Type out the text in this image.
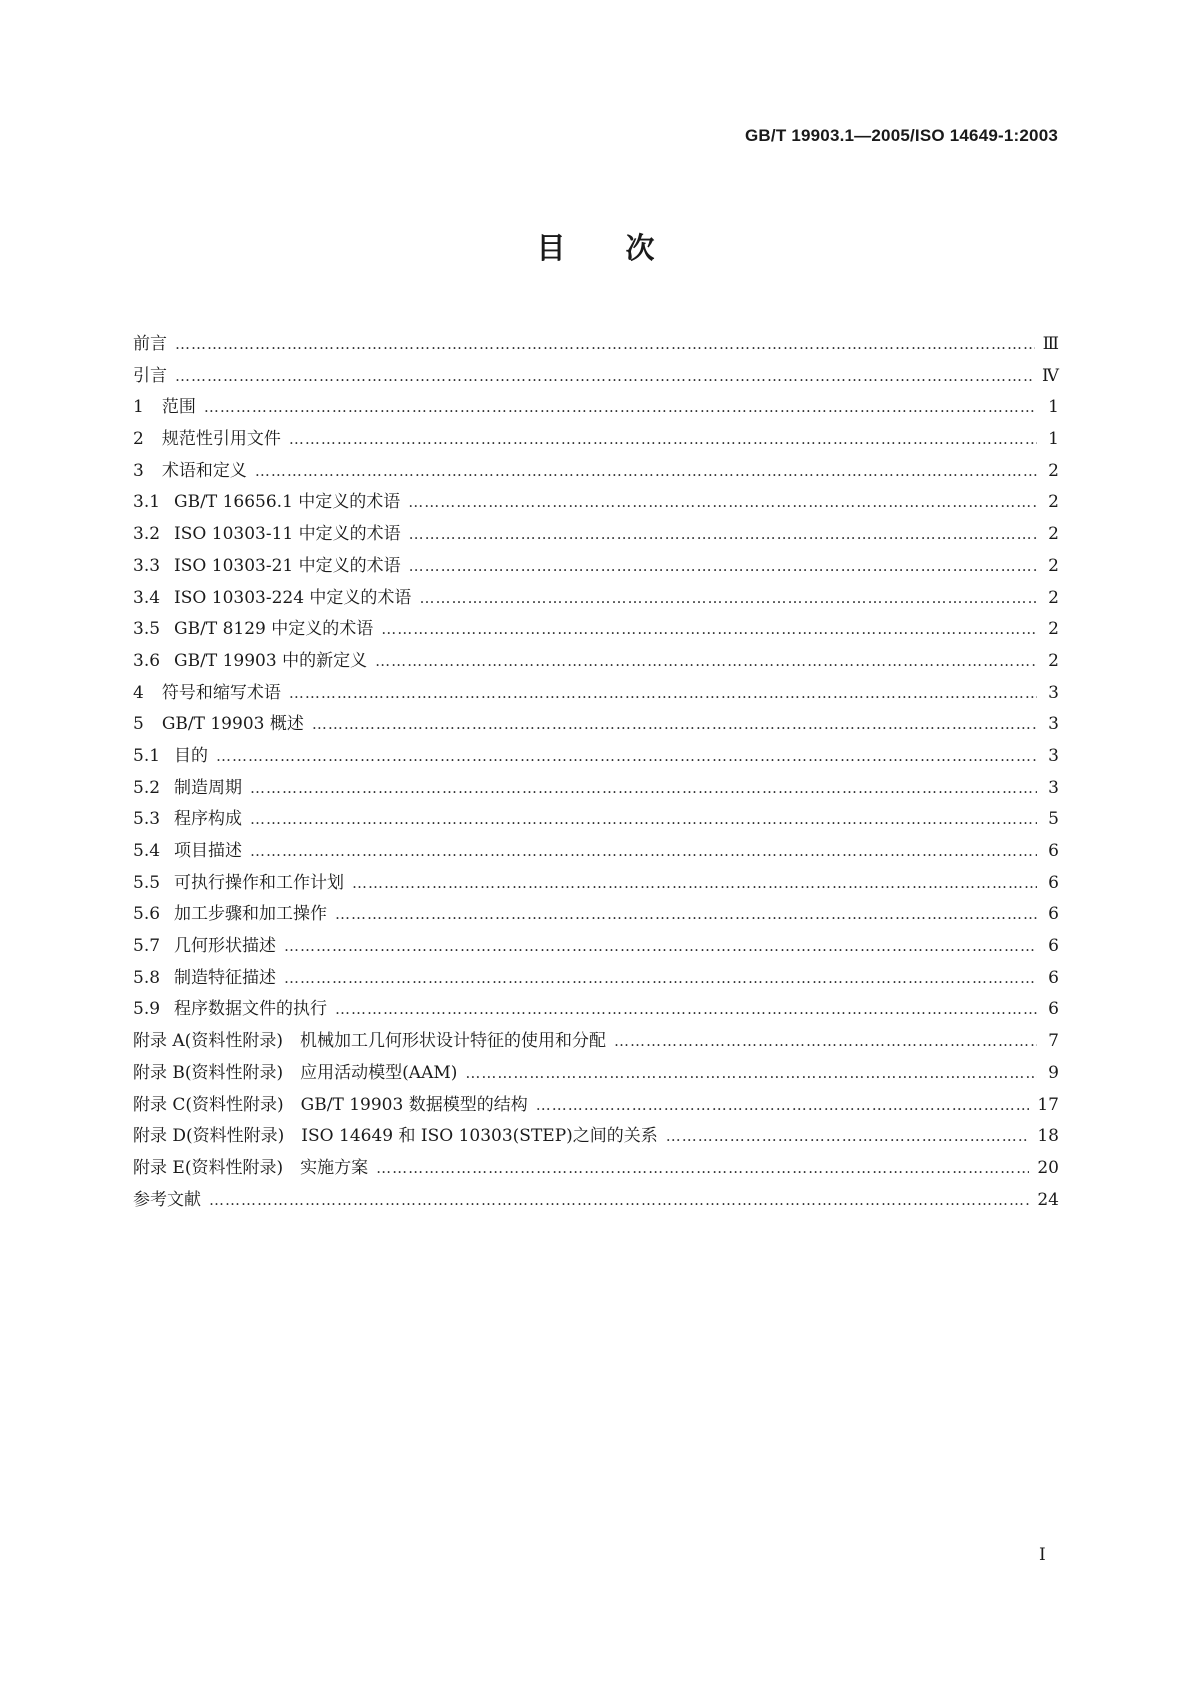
GB/T 19903.1—2005/ISO 14649-1:2003
目次
前言 ……………………………………………………………………………………………………………………………………………………………………………………………………………………………	Ⅲ
引言 ……………………………………………………………………………………………………………………………………………………………………………………………………………………………	Ⅳ
1 范围 ……………………………………………………………………………………………………………………………………………………………………………………………………………………………	1
2 规范性引用文件 ……………………………………………………………………………………………………………………………………………………………………………………………………………………………	1
3 术语和定义 ……………………………………………………………………………………………………………………………………………………………………………………………………………………………	2
3.1 GB/T 16656.1 中定义的术语 ……………………………………………………………………………………………………………………………………………………………………………………………………………………………	2
3.2 ISO 10303-11 中定义的术语 ……………………………………………………………………………………………………………………………………………………………………………………………………………………………	2
3.3 ISO 10303-21 中定义的术语 ……………………………………………………………………………………………………………………………………………………………………………………………………………………………	2
3.4 ISO 10303-224 中定义的术语 ……………………………………………………………………………………………………………………………………………………………………………………………………………………………	2
3.5 GB/T 8129 中定义的术语 ……………………………………………………………………………………………………………………………………………………………………………………………………………………………	2
3.6 GB/T 19903 中的新定义 ……………………………………………………………………………………………………………………………………………………………………………………………………………………………	2
4 符号和缩写术语 ……………………………………………………………………………………………………………………………………………………………………………………………………………………………	3
5 GB/T 19903 概述 ……………………………………………………………………………………………………………………………………………………………………………………………………………………………	3
5.1 目的 ……………………………………………………………………………………………………………………………………………………………………………………………………………………………	3
5.2 制造周期 ……………………………………………………………………………………………………………………………………………………………………………………………………………………………	3
5.3 程序构成 ……………………………………………………………………………………………………………………………………………………………………………………………………………………………	5
5.4 项目描述 ……………………………………………………………………………………………………………………………………………………………………………………………………………………………	6
5.5 可执行操作和工作计划 ……………………………………………………………………………………………………………………………………………………………………………………………………………………………	6
5.6 加工步骤和加工操作 ……………………………………………………………………………………………………………………………………………………………………………………………………………………………	6
5.7 几何形状描述 ……………………………………………………………………………………………………………………………………………………………………………………………………………………………	6
5.8 制造特征描述 ……………………………………………………………………………………………………………………………………………………………………………………………………………………………	6
5.9 程序数据文件的执行 ……………………………………………………………………………………………………………………………………………………………………………………………………………………………	6
附录 A(资料性附录)　机械加工几何形状设计特征的使用和分配 ……………………………………………………………………………………………………………………………………………………………………………………………………………………………	7
附录 B(资料性附录)　应用活动模型(AAM) ……………………………………………………………………………………………………………………………………………………………………………………………………………………………	9
附录 C(资料性附录)　GB/T 19903 数据模型的结构 ……………………………………………………………………………………………………………………………………………………………………………………………………………………………	17
附录 D(资料性附录)　ISO 14649 和 ISO 10303(STEP)之间的关系 ……………………………………………………………………………………………………………………………………………………………………………………………………………………………	18
附录 E(资料性附录)　实施方案 ……………………………………………………………………………………………………………………………………………………………………………………………………………………………	20
参考文献 ……………………………………………………………………………………………………………………………………………………………………………………………………………………………	24
Ⅰ
